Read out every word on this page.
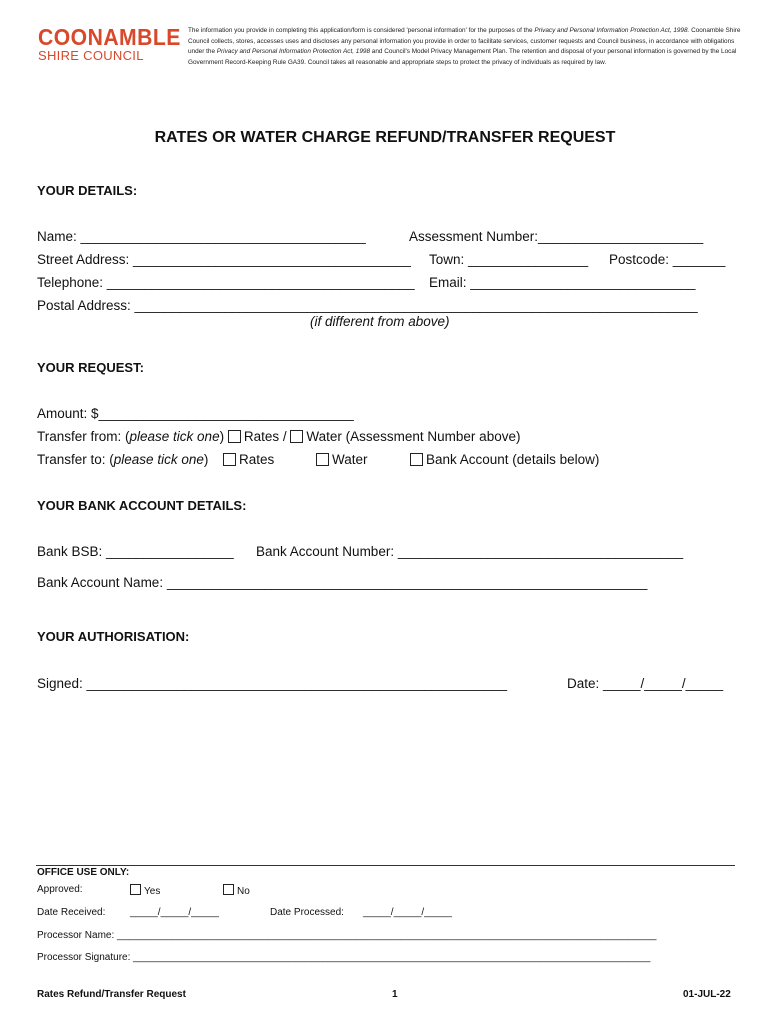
COONAMBLE
SHIRE COUNCIL
The information you provide in completing this application/form is considered 'personal information' for the purposes of the Privacy and Personal Information Protection Act, 1998. Coonamble Shire Council collects, stores, accesses uses and discloses any personal information you provide in order to facilitate services, customer requests and Council business, in accordance with obligations under the Privacy and Personal Information Protection Act, 1998 and Council's Model Privacy Management Plan. The retention and disposal of your personal information is governed by the Local Government Record-Keeping Rule GA39. Council takes all reasonable and appropriate steps to protect the privacy of individuals as required by law.
RATES OR WATER CHARGE REFUND/TRANSFER REQUEST
YOUR DETAILS:
Name: ______________________________________	Assessment Number:______________________
Street Address: _____________________________________ Town: ________________ Postcode: _______
Telephone: _________________________________________ Email: ______________________________
Postal Address: ___________________________________________________________________________
(if different from above)
YOUR REQUEST:
Amount: $__________________________________
Transfer from: (please tick one) Rates / Water (Assessment Number above)
Transfer to: (please tick one)	Rates	Water	Bank Account (details below)
YOUR BANK ACCOUNT DETAILS:
Bank BSB: _________________ Bank Account Number: ______________________________________
Bank Account Name: ________________________________________________________________
YOUR AUTHORISATION:
Signed: ________________________________________________________	Date: _____/_____/_____
OFFICE USE ONLY:
Approved:	Yes	No
Date Received: _____/_____/_____	Date Processed: _____/_____/_____
Processor Name: _________________________________________________________________________________________________
Processor Signature: _____________________________________________________________________________________________
Rates Refund/Transfer Request	1	01-JUL-22
